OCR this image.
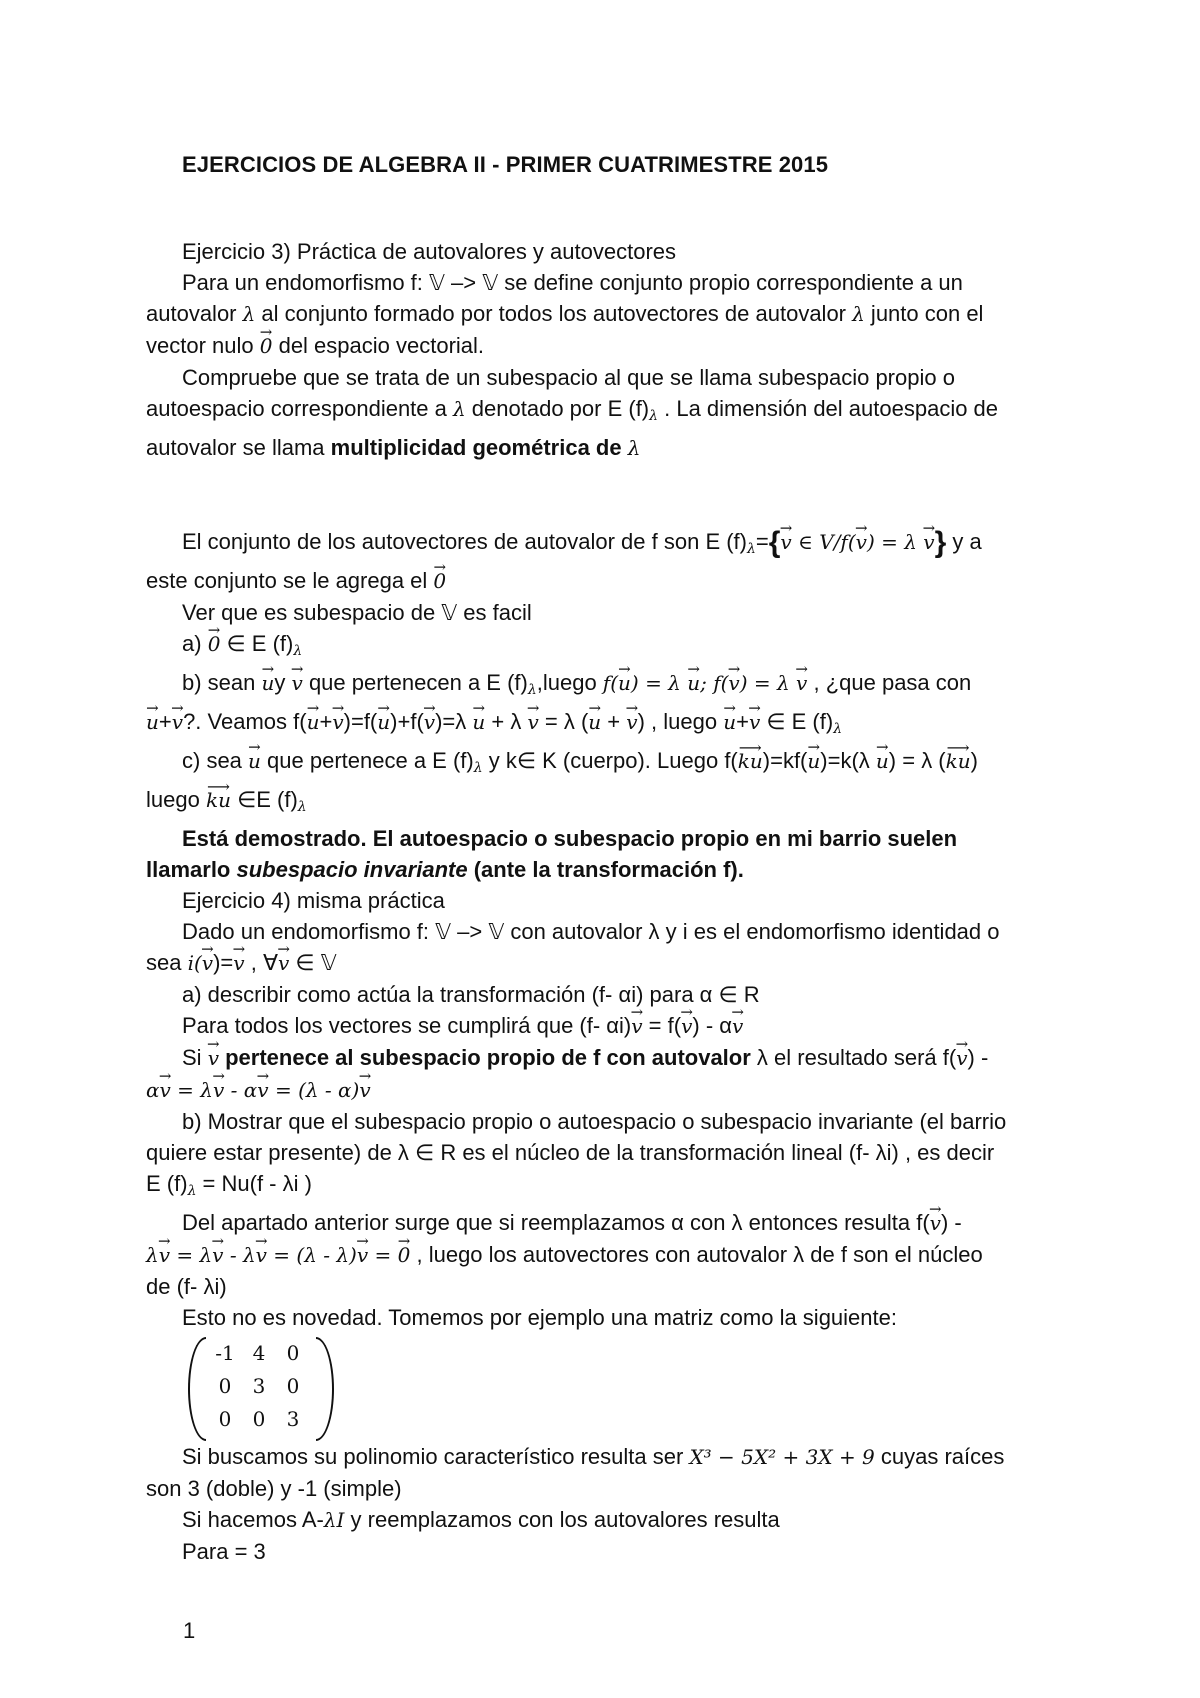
EJERCICIOS DE ALGEBRA II - PRIMER CUATRIMESTRE 2015

Ejercicio 3) Práctica de autovalores y autovectores

Para un endomorfismo f: 𝕍 –> 𝕍 se define conjunto propio correspondiente a un

autovalor λ al conjunto formado por todos los autovectores de autovalor λ junto con el

vector nulo → 0 del espacio vectorial.

Compruebe que se trata de un subespacio al que se llama subespacio propio o

autoespacio correspondiente a λ denotado por E $(f)_\lambda$ . La dimensión del autoespacio de

autovalor se llama multiplicidad geométrica de λ

El conjunto de los autovectores de autovalor de f son E $(f)_\lambda=\{\to v$ ∈ V/f(→ v) = λ → v} y a

este conjunto se le agrega el → 0

Ver que es subespacio de 𝕍 es facil

a) → 0 ∈ E $(f)_\lambda$

b) sean → uy → v que pertenecen a E $(f)_\lambda,luego$ f(→ u) = λ → u; f(→ v) = λ → v , ¿que pasa con

→ u+→ v?. Veamos f(→ u+→ v)=f(→ u)+f(→ v)=λ → u + λ → v = λ (→ u + → v) , luego → u+→ v ∈ E $(f)_\lambda$

c) sea → u que pertenece a E $(f)_\lambda$ y k∈ K (cuerpo). Luego f(⟶ ku)=kf(→ u)=k(λ → u) = λ (⟶ ku)

luego ⟶ ku ∈E $(f)_\lambda$

Está demostrado. El autoespacio o subespacio propio en mi barrio suelen

llamarlo subespacio invariante (ante la transformación f).

Ejercicio 4) misma práctica

Dado un endomorfismo f: 𝕍 –> 𝕍 con autovalor λ y i es el endomorfismo identidad o

sea i(→ v)=→ v , ∀→ v ∈ 𝕍

a) describir como actúa la transformación (f- αi) para α ∈ R

Para todos los vectores se cumplirá que (f- αi)→ v = f(→ v) - α→ v

Si → v pertenece al subespacio propio de f con autovalor λ el resultado será f(→ v) -

α→ v = λ→ v - α→ v = (λ - α)→ v

b) Mostrar que el subespacio propio o autoespacio o subespacio invariante (el barrio

quiere estar presente) de λ ∈ R es el núcleo de la transformación lineal (f- λi) , es decir

E $(f)_\lambda = Nu(f - \lambda i$ )

Del apartado anterior surge que si reemplazamos α con λ entonces resulta f(→ v) -

λ→ v = λ→ v - λ→ v = (λ - λ)→ v = → 0 , luego los autovectores con autovalor λ de f son el núcleo

de (f- λi)

Esto no es novedad. Tomemos por ejemplo una matriz como la siguiente:

-1	4	0
0	3	0
0	0	3

Si buscamos su polinomio característico resulta ser X³ − 5X² + 3X + 9 cuyas raíces

son 3 (doble) y -1 (simple)

Si hacemos A-λI y reemplazamos con los autovalores resulta

Para = 3

1
